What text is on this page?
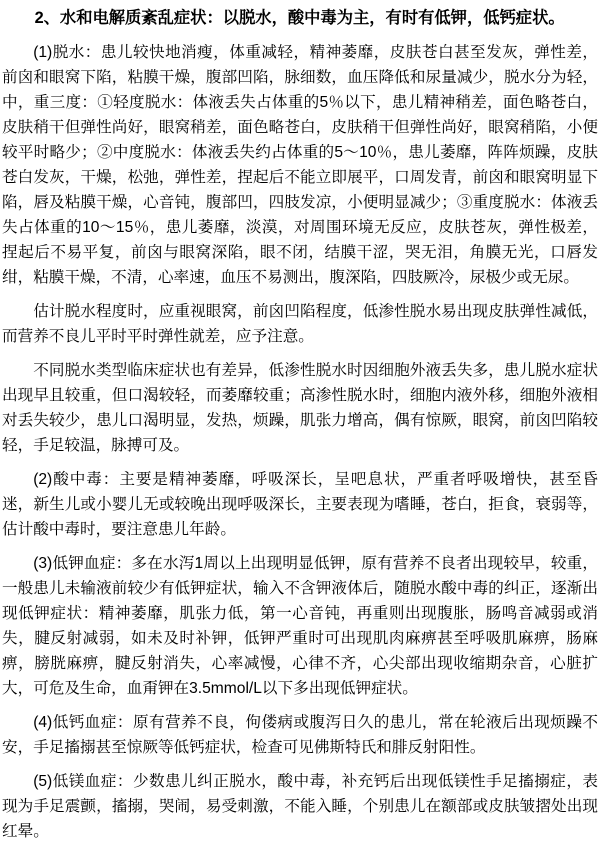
2、水和电解质紊乱症状：以脱水，酸中毒为主，有时有低钾，低钙症状。

(1)脱水：患儿较快地消瘦，体重减轻，精神萎靡，皮肤苍白甚至发灰，弹性差，前囟和眼窝下陷，粘膜干燥，腹部凹陷，脉细数，血压降低和尿量减少，脱水分为轻，中，重三度：①轻度脱水：体液丢失占体重的5％以下，患儿精神稍差，面色略苍白，皮肤稍干但弹性尚好，眼窝稍差，面色略苍白，皮肤稍干但弹性尚好，眼窝稍陷，小便较平时略少；②中度脱水：体液丢失约占体重的5～10％，患儿萎靡，阵阵烦躁，皮肤苍白发灰，干燥，松弛，弹性差，捏起后不能立即展平，口周发青，前囟和眼窝明显下陷，唇及粘膜干燥，心音钝，腹部凹，四肢发凉，小便明显减少；③重度脱水：体液丢失占体重的10～15％，患儿萎靡，淡漠，对周围环境无反应，皮肤苍灰，弹性极差，捏起后不易平复，前囟与眼窝深陷，眼不闭，结膜干涩，哭无泪，角膜无光，口唇发绀，粘膜干燥，不清，心率速，血压不易测出，腹深陷，四肢厥冷，尿极少或无尿。

估计脱水程度时，应重视眼窝，前囟凹陷程度，低渗性脱水易出现皮肤弹性减低，而营养不良儿平时平时弹性就差，应予注意。

不同脱水类型临床症状也有差异，低渗性脱水时因细胞外液丢失多，患儿脱水症状出现早且较重，但口渴较轻，而萎靡较重；高渗性脱水时，细胞内液外移，细胞外液相对丢失较少，患儿口渴明显，发热，烦躁，肌张力增高，偶有惊厥，眼窝，前囟凹陷较轻，手足较温，脉搏可及。

(2)酸中毒：主要是精神萎靡，呼吸深长，呈吧息状，严重者呼吸增快，甚至昏迷，新生儿或小婴儿无或较晚出现呼吸深长，主要表现为嗜睡，苍白，拒食，衰弱等，估计酸中毒时，要注意患儿年龄。

(3)低钾血症：多在水泻1周以上出现明显低钾，原有营养不良者出现较早，较重，一般患儿未输液前较少有低钾症状，输入不含钾液体后，随脱水酸中毒的纠正，逐渐出现低钾症状：精神萎靡，肌张力低，第一心音钝，再重则出现腹胀，肠鸣音减弱或消失，腱反射减弱，如未及时补钾，低钾严重时可出现肌肉麻痹甚至呼吸肌麻痹，肠麻痹，膀胱麻痹，腱反射消失，心率减慢，心律不齐，心尖部出现收缩期杂音，心脏扩大，可危及生命，血甭钾在3.5mmol/L以下多出现低钾症状。

(4)低钙血症：原有营养不良，佝偻病或腹泻日久的患儿，常在轮液后出现烦躁不安，手足搐搦甚至惊厥等低钙症状，检查可见佛斯特氏和腓反射阳性。

(5)低镁血症：少数患儿纠正脱水，酸中毒，补充钙后出现低镁性手足搐搦症，表现为手足震颤，搐搦，哭闹，易受刺激，不能入睡，个别患儿在额部或皮肤皱摺处出现红晕。
